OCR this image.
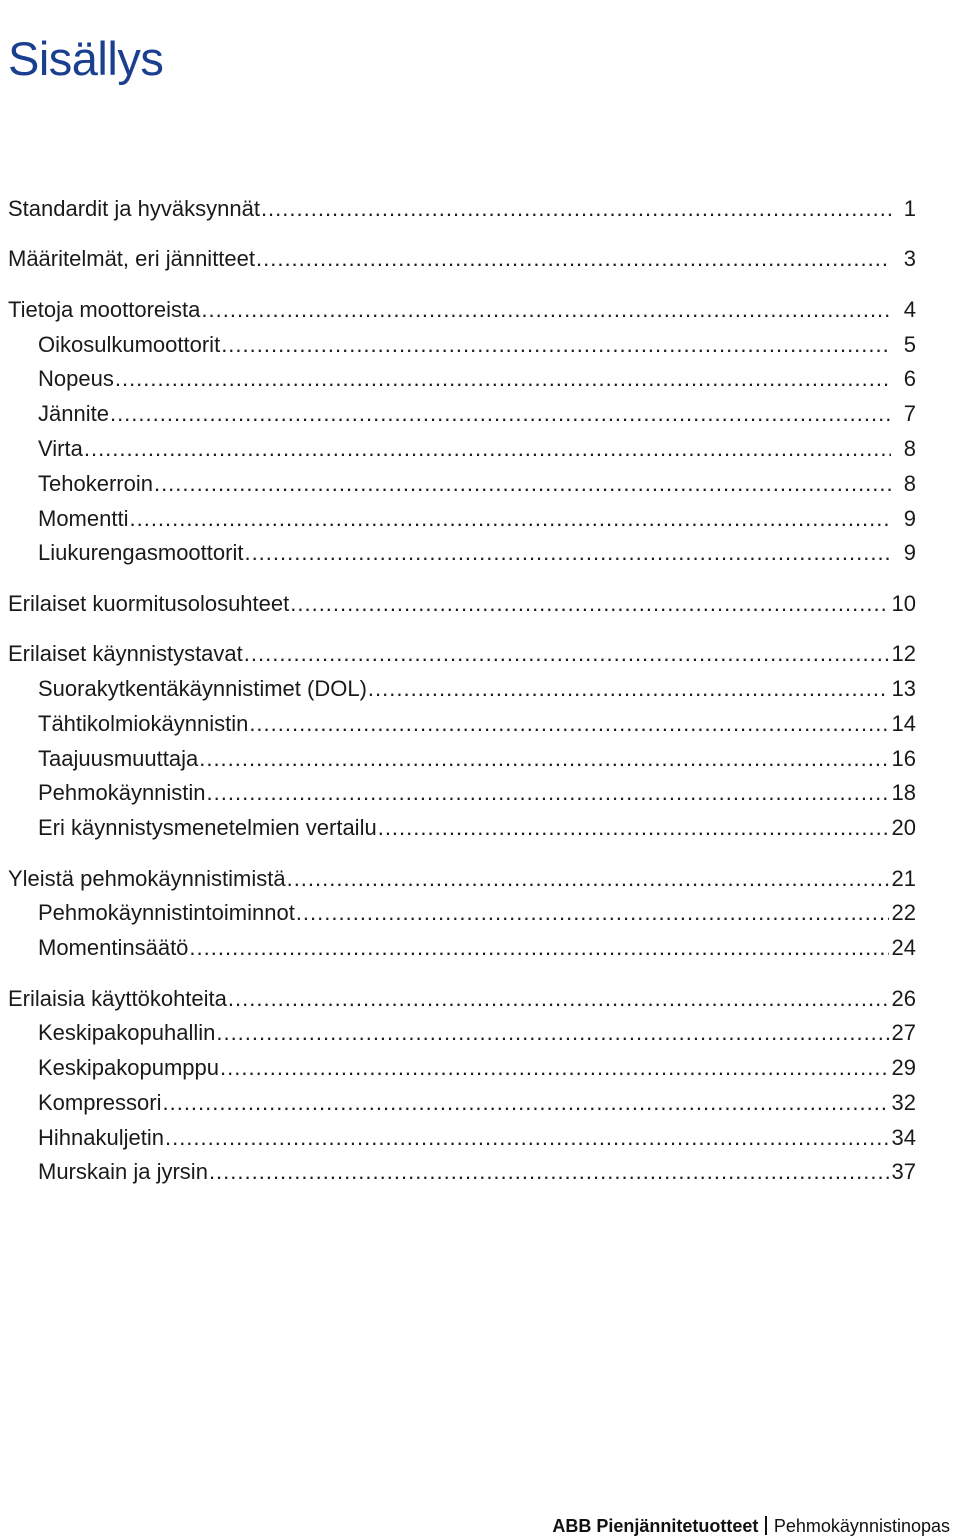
Sisällys
Standardit ja hyväksynnät .....	1
Määritelmät, eri jännitteet .....	3
Tietoja moottoreista .....	4
Oikosulkumoottorit .....	5
Nopeus .....	6
Jännite .....	7
Virta .....	8
Tehokerroin .....	8
Momentti .....	9
Liukurengasmoottorit .....	9
Erilaiset kuormitusolosuhteet .....	10
Erilaiset käynnistystavat .....	12
Suorakytkentäkäynnistimet (DOL) .....	13
Tähtikolmiokäynnistin .....	14
Taajuusmuuttaja .....	16
Pehmokäynnistin .....	18
Eri käynnistysmenetelmien vertailu .....	20
Yleistä pehmokäynnistimistä .....	21
Pehmokäynnistintoiminnot .....	22
Momentinsäätö .....	24
Erilaisia käyttökohteita .....	26
Keskipakopuhallin .....	27
Keskipakopumppu .....	29
Kompressori .....	32
Hihnakuljetin .....	34
Murskain ja jyrsin .....	37
ABB Pienjännitetuotteet Pehmokäynnistinopas
